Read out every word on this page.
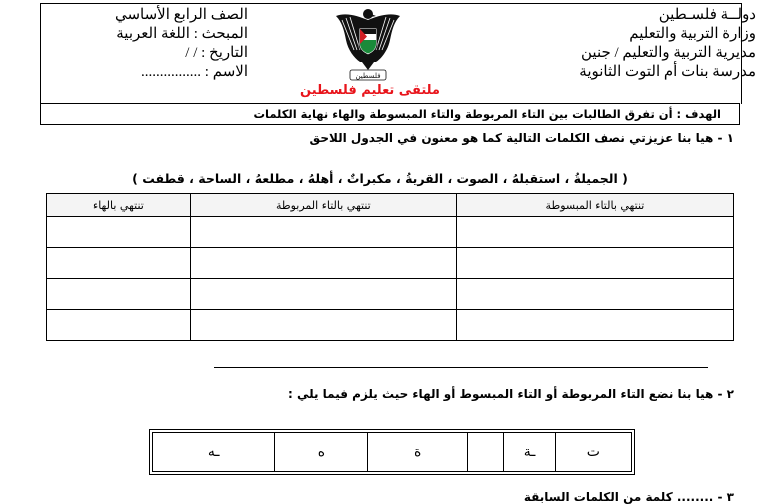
دولــة فلسـطين
وزارة التربية والتعليم
مديرية التربية والتعليم / جنين
مدرسة بنات أم التوت الثانوية
الصف الرابع الأساسي
المبحث : اللغة العربية
التاريخ : / /
الاسم : ................	فلسطين
ملتقى تعليم فلسطين
الهدف : أن تفرق الطالبات بين التاء المربوطة والتاء المبسوطة والهاء نهاية الكلمات
١ - هيا بنا عزيزتي نصف الكلمات التالية كما هو معنون في الجدول اللاحق
( الجميلةُ ، استقبلهُ ، الصوت ، القريةُ ، مكبراتٌ ، أهلهُ ، مطلعهُ ، الساحة ، قطفت )
تنتهي بالتاء المبسوطة	تنتهي بالتاء المربوطة	تنتهي بالهاء

٢ - هيا بنا نضع التاء المربوطة أو التاء المبسوط أو الهاء حيث يلزم فيما يلي :
ت	ـة		ة	ه	ـه
٣ - ........ كلمة من الكلمات السابقة
